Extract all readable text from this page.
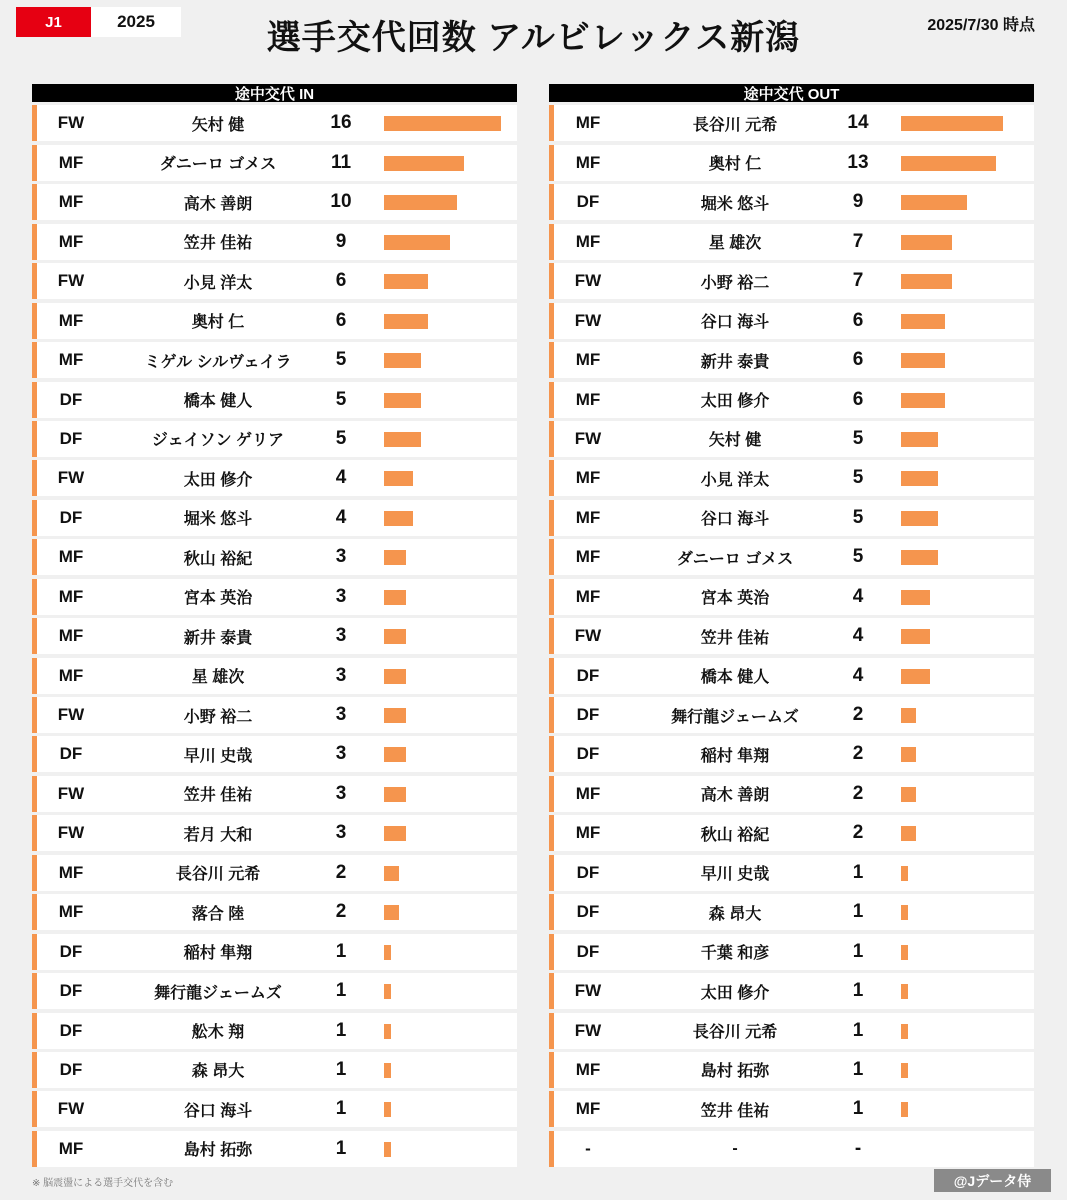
J1	2025	選手交代回数 アルビレックス新潟	2025/7/30 時点
途中交代 IN
FW	矢村 健	16
MF	ダニーロ ゴメス	11
MF	高木 善朗	10
MF	笠井 佳祐	9
FW	小見 洋太	6
MF	奥村 仁	6
MF	ミゲル シルヴェイラ	5
DF	橋本 健人	5
DF	ジェイソン ゲリア	5
FW	太田 修介	4
DF	堀米 悠斗	4
MF	秋山 裕紀	3
MF	宮本 英治	3
MF	新井 泰貴	3
MF	星 雄次	3
FW	小野 裕二	3
DF	早川 史哉	3
FW	笠井 佳祐	3
FW	若月 大和	3
MF	長谷川 元希	2
MF	落合 陸	2
DF	稲村 隼翔	1
DF	舞行龍ジェームズ	1
DF	舩木 翔	1
DF	森 昂大	1
FW	谷口 海斗	1
MF	島村 拓弥	1
途中交代 OUT
MF	長谷川 元希	14
MF	奥村 仁	13
DF	堀米 悠斗	9
MF	星 雄次	7
FW	小野 裕二	7
FW	谷口 海斗	6
MF	新井 泰貴	6
MF	太田 修介	6
FW	矢村 健	5
MF	小見 洋太	5
MF	谷口 海斗	5
MF	ダニーロ ゴメス	5
MF	宮本 英治	4
FW	笠井 佳祐	4
DF	橋本 健人	4
DF	舞行龍ジェームズ	2
DF	稲村 隼翔	2
MF	高木 善朗	2
MF	秋山 裕紀	2
DF	早川 史哉	1
DF	森 昂大	1
DF	千葉 和彦	1
FW	太田 修介	1
FW	長谷川 元希	1
MF	島村 拓弥	1
MF	笠井 佳祐	1
-	-	-
※ 脳震盪による選手交代を含む	@Jデータ侍
